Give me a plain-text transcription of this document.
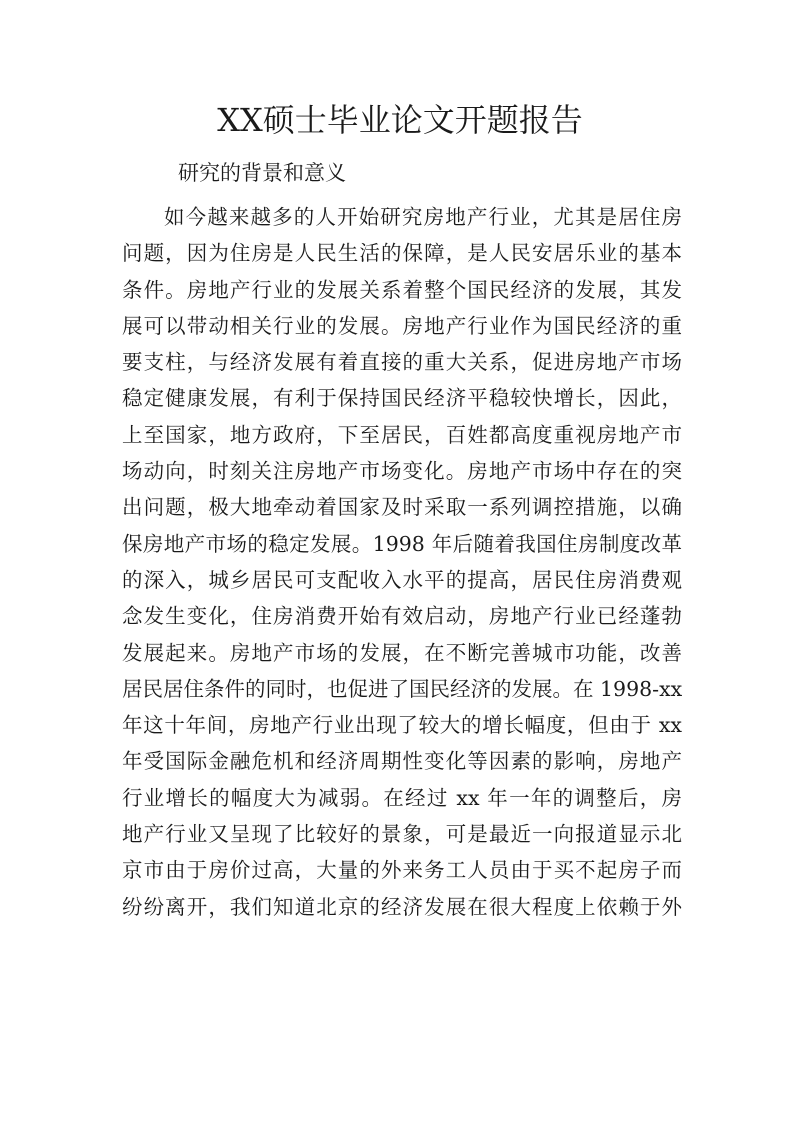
XX硕士毕业论文开题报告
研究的背景和意义
如今越来越多的人开始研究房地产行业，尤其是居住房
问题，因为住房是人民生活的保障，是人民安居乐业的基本
条件。房地产行业的发展关系着整个国民经济的发展，其发
展可以带动相关行业的发展。房地产行业作为国民经济的重
要支柱，与经济发展有着直接的重大关系，促进房地产市场
稳定健康发展，有利于保持国民经济平稳较快增长，因此，
上至国家，地方政府，下至居民，百姓都高度重视房地产市
场动向，时刻关注房地产市场变化。房地产市场中存在的突
出问题，极大地牵动着国家及时采取一系列调控措施，以确
保房地产市场的稳定发展。1998 年后随着我国住房制度改革
的深入，城乡居民可支配收入水平的提高，居民住房消费观
念发生变化，住房消费开始有效启动，房地产行业已经蓬勃
发展起来。房地产市场的发展，在不断完善城市功能，改善
居民居住条件的同时，也促进了国民经济的发展。在 1998-xx
年这十年间，房地产行业出现了较大的增长幅度，但由于 xx
年受国际金融危机和经济周期性变化等因素的影响，房地产
行业增长的幅度大为减弱。在经过 xx 年一年的调整后，房
地产行业又呈现了比较好的景象，可是最近一向报道显示北
京市由于房价过高，大量的外来务工人员由于买不起房子而
纷纷离开，我们知道北京的经济发展在很大程度上依赖于外
